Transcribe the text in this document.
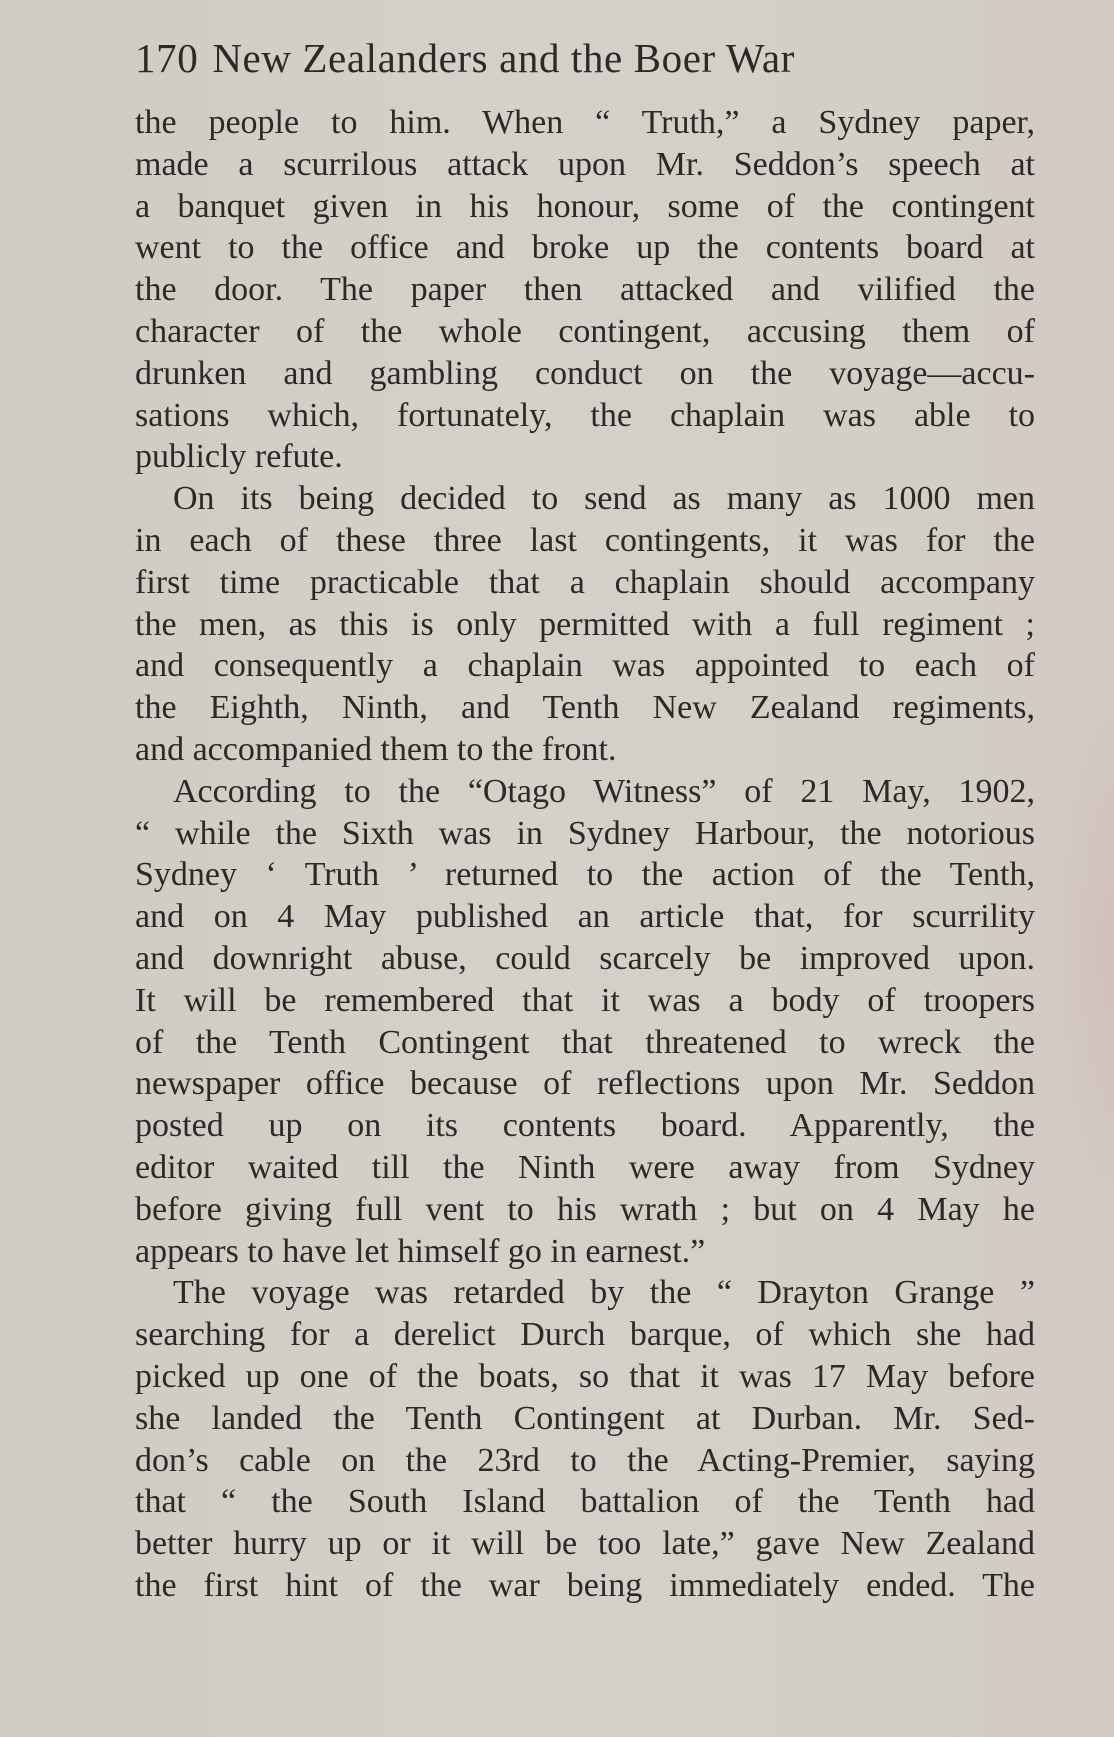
170 New Zealanders and the Boer War
the people to him. When “ Truth,” a Sydney paper,
made a scurrilous attack upon Mr. Seddon’s speech at
a banquet given in his honour, some of the contingent
went to the office and broke up the contents board at
the door. The paper then attacked and vilified the
character of the whole contingent, accusing them of
drunken and gambling conduct on the voyage—accu-
sations which, fortunately, the chaplain was able to
publicly refute.
On its being decided to send as many as 1000 men
in each of these three last contingents, it was for the
first time practicable that a chaplain should accompany
the men, as this is only permitted with a full regiment ;
and consequently a chaplain was appointed to each of
the Eighth, Ninth, and Tenth New Zealand regiments,
and accompanied them to the front.
According to the “Otago Witness” of 21 May, 1902,
“ while the Sixth was in Sydney Harbour, the notorious
Sydney ‘ Truth ’ returned to the action of the Tenth,
and on 4 May published an article that, for scurrility
and downright abuse, could scarcely be improved upon.
It will be remembered that it was a body of troopers
of the Tenth Contingent that threatened to wreck the
newspaper office because of reflections upon Mr. Seddon
posted up on its contents board. Apparently, the
editor waited till the Ninth were away from Sydney
before giving full vent to his wrath ; but on 4 May he
appears to have let himself go in earnest.”
The voyage was retarded by the “ Drayton Grange ”
searching for a derelict Durch barque, of which she had
picked up one of the boats, so that it was 17 May before
she landed the Tenth Contingent at Durban. Mr. Sed-
don’s cable on the 23rd to the Acting-Premier, saying
that “ the South Island battalion of the Tenth had
better hurry up or it will be too late,” gave New Zealand
the first hint of the war being immediately ended. The
